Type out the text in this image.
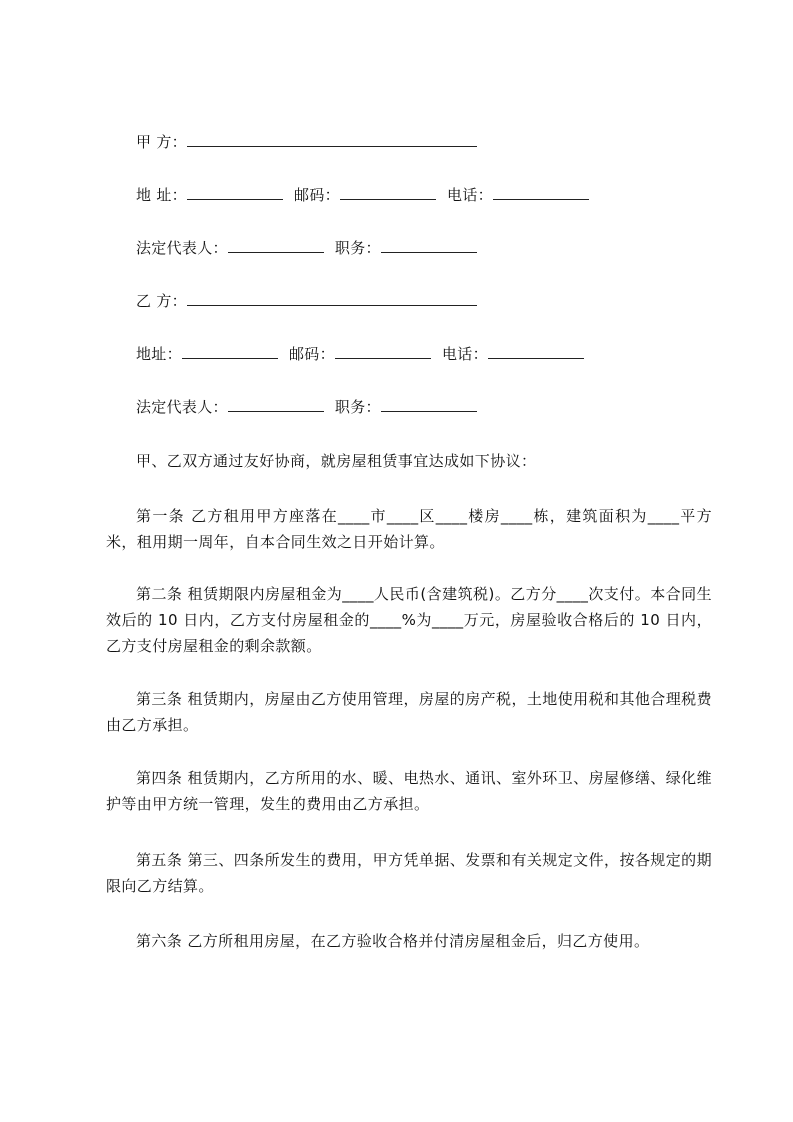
甲 方：
地 址：	邮码：	电话：
法定代表人：	职务：
乙 方：
地址：	邮码：	电话：
法定代表人：	职务：
甲、乙双方通过友好协商，就房屋租赁事宜达成如下协议：
第一条 乙方租用甲方座落在____市____区____楼房____栋，建筑面积为____平方米，租用期一周年，自本合同生效之日开始计算。
第二条 租赁期限内房屋租金为____人民币(含建筑税)。乙方分____次支付。本合同生效后的 10 日内，乙方支付房屋租金的____%为____万元，房屋验收合格后的 10 日内，乙方支付房屋租金的剩余款额。
第三条 租赁期内，房屋由乙方使用管理，房屋的房产税，土地使用税和其他合理税费由乙方承担。
第四条 租赁期内，乙方所用的水、暖、电热水、通讯、室外环卫、房屋修缮、绿化维护等由甲方统一管理，发生的费用由乙方承担。
第五条 第三、四条所发生的费用，甲方凭单据、发票和有关规定文件，按各规定的期限向乙方结算。
第六条 乙方所租用房屋，在乙方验收合格并付清房屋租金后，归乙方使用。
